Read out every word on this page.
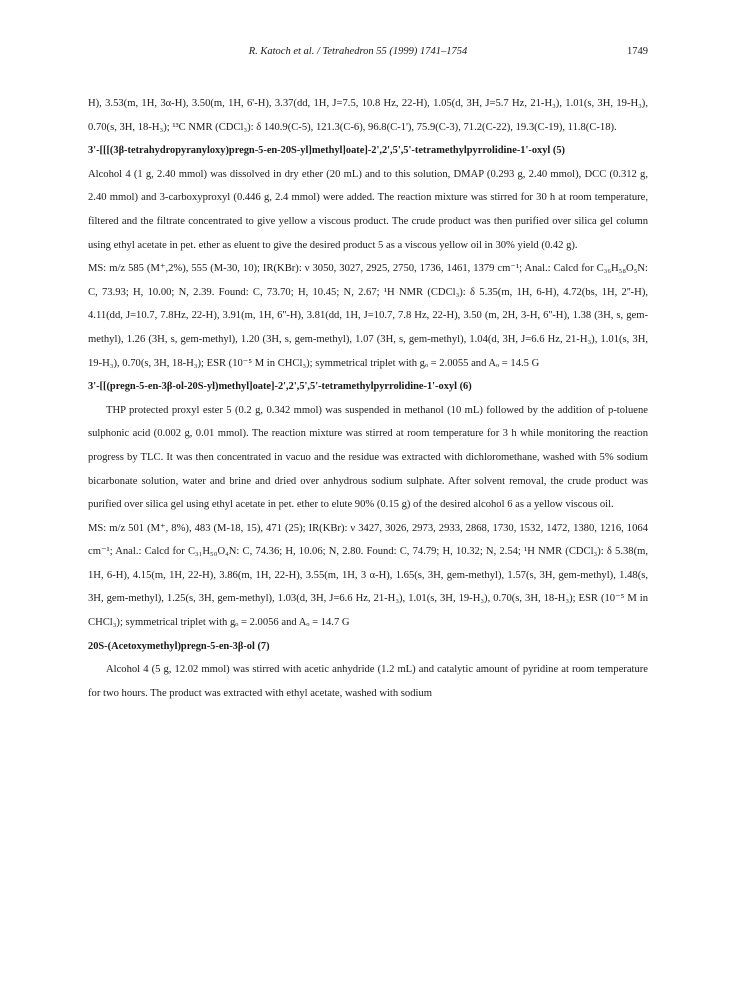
R. Katoch et al. / Tetrahedron 55 (1999) 1741–1754	1749

H), 3.53(m, 1H, 3α-H), 3.50(m, 1H, 6'-H), 3.37(dd, 1H, J=7.5, 10.8 Hz, 22-H), 1.05(d, 3H, J=5.7 Hz, 21-H₃), 1.01(s, 3H, 19-H₃), 0.70(s, 3H, 18-H₃); ¹³C NMR (CDCl₃): δ 140.9(C-5), 121.3(C-6), 96.8(C-1'), 75.9(C-3), 71.2(C-22), 19.3(C-19), 11.8(C-18).

3'-[[[(3β-tetrahydropyranyloxy)pregn-5-en-20S-yl]methyl]oate]-2',2',5',5'-tetramethylpyrrolidine-1'-oxyl (5)

Alcohol 4 (1 g, 2.40 mmol) was dissolved in dry ether (20 mL) and to this solution, DMAP (0.293 g, 2.40 mmol), DCC (0.312 g, 2.40 mmol) and 3-carboxyproxyl (0.446 g, 2.4 mmol) were added. The reaction mixture was stirred for 30 h at room temperature, filtered and the filtrate concentrated to give yellow a viscous product. The crude product was then purified over silica gel column using ethyl acetate in pet. ether as eluent to give the desired product 5 as a viscous yellow oil in 30% yield (0.42 g).

MS: m/z 585 (M⁺,2%), 555 (M-30, 10); IR(KBr): ν 3050, 3027, 2925, 2750, 1736, 1461, 1379 cm⁻¹; Anal.: Calcd for C₃₆H₅₈O₅N: C, 73.93; H, 10.00; N, 2.39. Found: C, 73.70; H, 10.45; N, 2.67; ¹H NMR (CDCl₃): δ 5.35(m, 1H, 6-H), 4.72(bs, 1H, 2''-H), 4.11(dd, J=10.7, 7.8Hz, 22-H), 3.91(m, 1H, 6''-H), 3.81(dd, 1H, J=10.7, 7.8 Hz, 22-H), 3.50 (m, 2H, 3-H, 6''-H), 1.38 (3H, s, gem-methyl), 1.26 (3H, s, gem-methyl), 1.20 (3H, s, gem-methyl), 1.07 (3H, s, gem-methyl), 1.04(d, 3H, J=6.6 Hz, 21-H₃), 1.01(s, 3H, 19-H₃), 0.70(s, 3H, 18-H₃); ESR (10⁻⁵ M in CHCl₃); symmetrical triplet with gₒ = 2.0055 and Aₒ = 14.5 G

3'-[[(pregn-5-en-3β-ol-20S-yl)methyl]oate]-2',2',5',5'-tetramethylpyrrolidine-1'-oxyl (6)

THP protected proxyl ester 5 (0.2 g, 0.342 mmol) was suspended in methanol (10 mL) followed by the addition of p-toluene sulphonic acid (0.002 g, 0.01 mmol). The reaction mixture was stirred at room temperature for 3 h while monitoring the reaction progress by TLC. It was then concentrated in vacuo and the residue was extracted with dichloromethane, washed with 5% sodium bicarbonate solution, water and brine and dried over anhydrous sodium sulphate. After solvent removal, the crude product was purified over silica gel using ethyl acetate in pet. ether to elute 90% (0.15 g) of the desired alcohol 6 as a yellow viscous oil.

MS: m/z 501 (M⁺, 8%), 483 (M-18, 15), 471 (25); IR(KBr): ν 3427, 3026, 2973, 2933, 2868, 1730, 1532, 1472, 1380, 1216, 1064 cm⁻¹; Anal.: Calcd for C₃₁H₅₀O₄N: C, 74.36; H, 10.06; N, 2.80. Found: C, 74.79; H, 10.32; N, 2.54; ¹H NMR (CDCl₃): δ 5.38(m, 1H, 6-H), 4.15(m, 1H, 22-H), 3.86(m, 1H, 22-H), 3.55(m, 1H, 3 α-H), 1.65(s, 3H, gem-methyl), 1.57(s, 3H, gem-methyl), 1.48(s, 3H, gem-methyl), 1.25(s, 3H, gem-methyl), 1.03(d, 3H, J=6.6 Hz, 21-H₃), 1.01(s, 3H, 19-H₃), 0.70(s, 3H, 18-H₃); ESR (10⁻⁵ M in CHCl₃); symmetrical triplet with gₒ = 2.0056 and Aₒ = 14.7 G

20S-(Acetoxymethyl)pregn-5-en-3β-ol (7)

Alcohol 4 (5 g, 12.02 mmol) was stirred with acetic anhydride (1.2 mL) and catalytic amount of pyridine at room temperature for two hours. The product was extracted with ethyl acetate, washed with sodium
